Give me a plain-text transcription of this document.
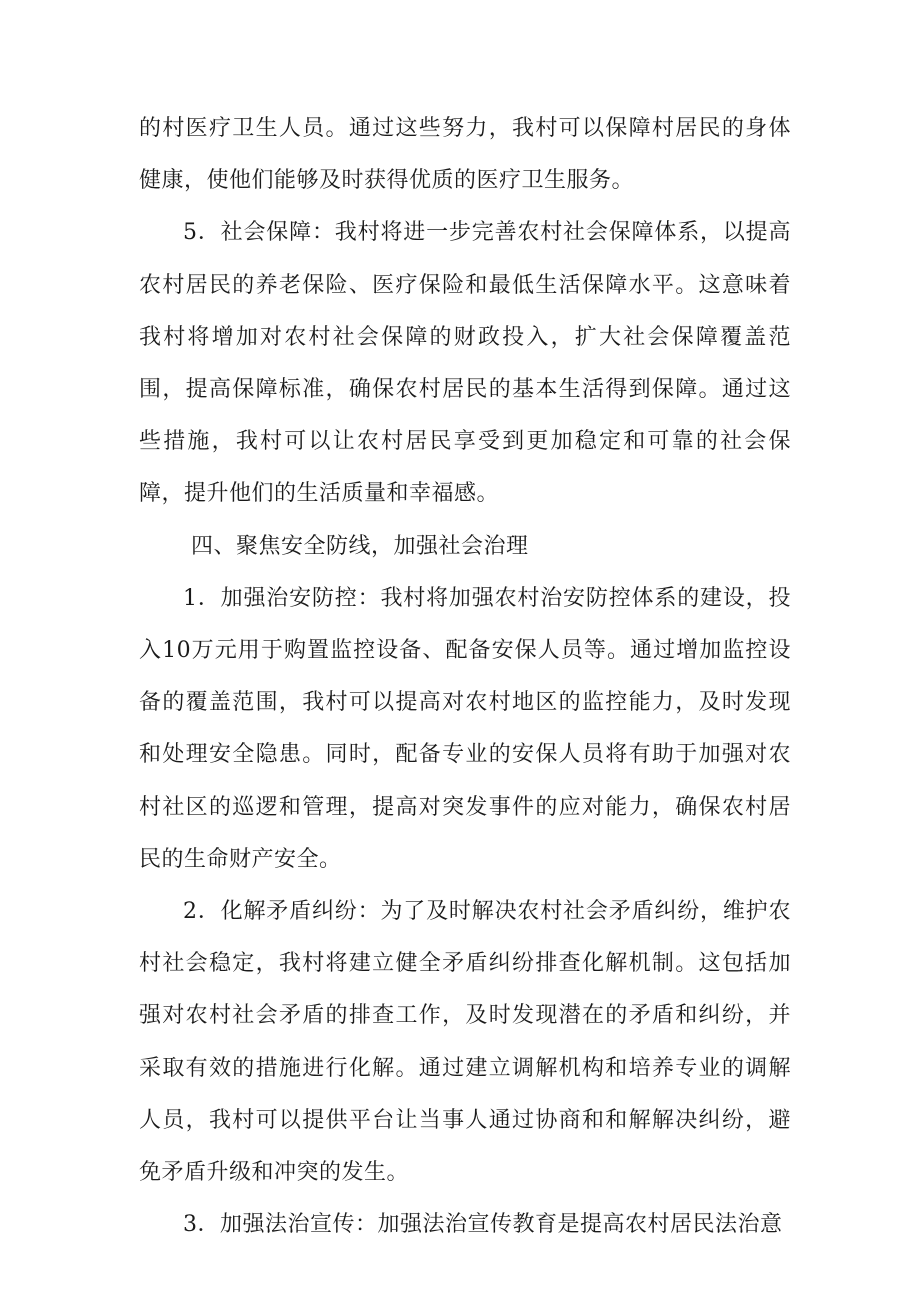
的村医疗卫生人员。通过这些努力，我村可以保障村居民的身体健康，使他们能够及时获得优质的医疗卫生服务。

5．社会保障：我村将进一步完善农村社会保障体系，以提高农村居民的养老保险、医疗保险和最低生活保障水平。这意味着我村将增加对农村社会保障的财政投入，扩大社会保障覆盖范围，提高保障标准，确保农村居民的基本生活得到保障。通过这些措施，我村可以让农村居民享受到更加稳定和可靠的社会保障，提升他们的生活质量和幸福感。

四、聚焦安全防线，加强社会治理

1．加强治安防控：我村将加强农村治安防控体系的建设，投入10万元用于购置监控设备、配备安保人员等。通过增加监控设备的覆盖范围，我村可以提高对农村地区的监控能力，及时发现和处理安全隐患。同时，配备专业的安保人员将有助于加强对农村社区的巡逻和管理，提高对突发事件的应对能力，确保农村居民的生命财产安全。

2．化解矛盾纠纷：为了及时解决农村社会矛盾纠纷，维护农村社会稳定，我村将建立健全矛盾纠纷排查化解机制。这包括加强对农村社会矛盾的排查工作，及时发现潜在的矛盾和纠纷，并采取有效的措施进行化解。通过建立调解机构和培养专业的调解人员，我村可以提供平台让当事人通过协商和和解解决纠纷，避免矛盾升级和冲突的发生。

3．加强法治宣传：加强法治宣传教育是提高农村居民法治意
